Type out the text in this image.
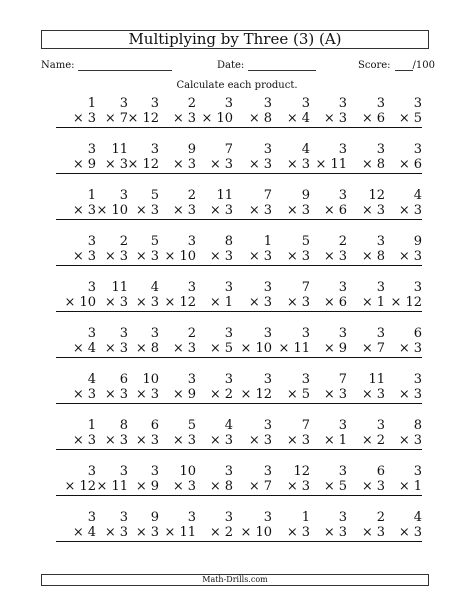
Multiplying by Three (3) (A)
Name:	Date:	Score: /100
Calculate each product.
1
× 3
3
× 7
3
× 12
2
× 3
3
× 10
3
× 8
3
× 4
3
× 3
3
× 6
3
× 5
3
× 9
11
× 3
3
× 12
9
× 3
7
× 3
3
× 3
4
× 3
3
× 11
3
× 8
3
× 6
1
× 3
3
× 10
5
× 3
2
× 3
11
× 3
7
× 3
9
× 3
3
× 6
12
× 3
4
× 3
3
× 3
2
× 3
5
× 3
3
× 10
8
× 3
1
× 3
5
× 3
2
× 3
3
× 8
9
× 3
3
× 10
11
× 3
4
× 3
3
× 12
3
× 1
3
× 3
7
× 3
3
× 6
3
× 1
3
× 12
3
× 4
3
× 3
3
× 8
2
× 3
3
× 5
3
× 10
3
× 11
3
× 9
3
× 7
6
× 3
4
× 3
6
× 3
10
× 3
3
× 9
3
× 2
3
× 12
3
× 5
7
× 3
11
× 3
3
× 3
1
× 3
8
× 3
6
× 3
5
× 3
4
× 3
3
× 3
7
× 3
3
× 1
3
× 2
8
× 3
3
× 12
3
× 11
3
× 9
10
× 3
3
× 8
3
× 7
12
× 3
3
× 5
6
× 3
3
× 1
3
× 4
3
× 3
9
× 3
3
× 11
3
× 2
3
× 10
1
× 3
3
× 3
2
× 3
4
× 3
Math-Drills.com
